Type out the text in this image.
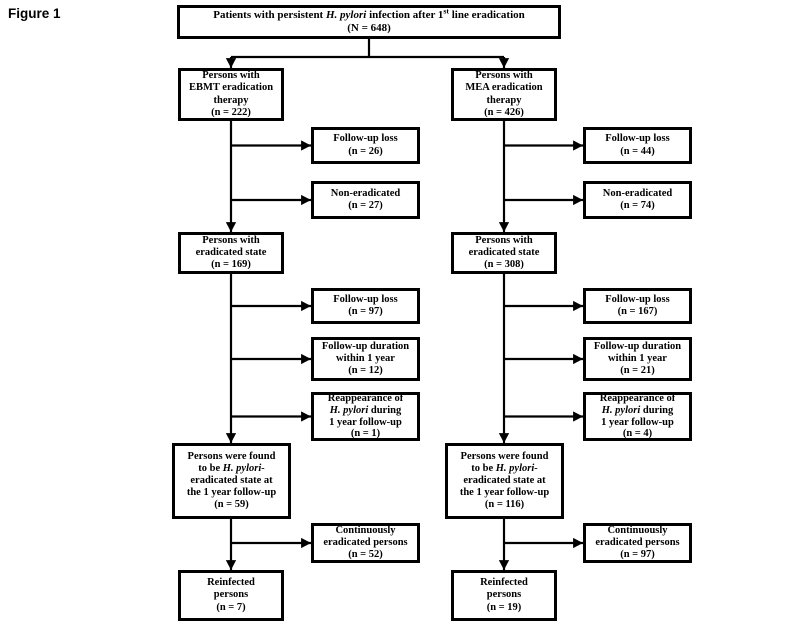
Figure 1	Patients with persistent H. pylori infection after 1st line eradication
(N = 648)
Persons with
EBMT eradication
therapy
(n = 222)
Follow-up loss
(n = 26)
Non-eradicated
(n = 27)
Persons with
eradicated state
(n = 169)
Follow-up loss
(n = 97)
Follow-up duration
within 1 year
(n = 12)
Reappearance of
H. pylori during
1 year follow-up
(n = 1)
Persons were found
to be H. pylori-
eradicated state at
the 1 year follow-up
(n = 59)
Continuously
eradicated persons
(n = 52)
Reinfected
persons
(n = 7)
Persons with
MEA eradication
therapy
(n = 426)
Follow-up loss
(n = 44)
Non-eradicated
(n = 74)
Persons with
eradicated state
(n = 308)
Follow-up loss
(n = 167)
Follow-up duration
within 1 year
(n = 21)
Reappearance of
H. pylori during
1 year follow-up
(n = 4)
Persons were found
to be H. pylori-
eradicated state at
the 1 year follow-up
(n = 116)
Continuously
eradicated persons
(n = 97)
Reinfected
persons
(n = 19)
